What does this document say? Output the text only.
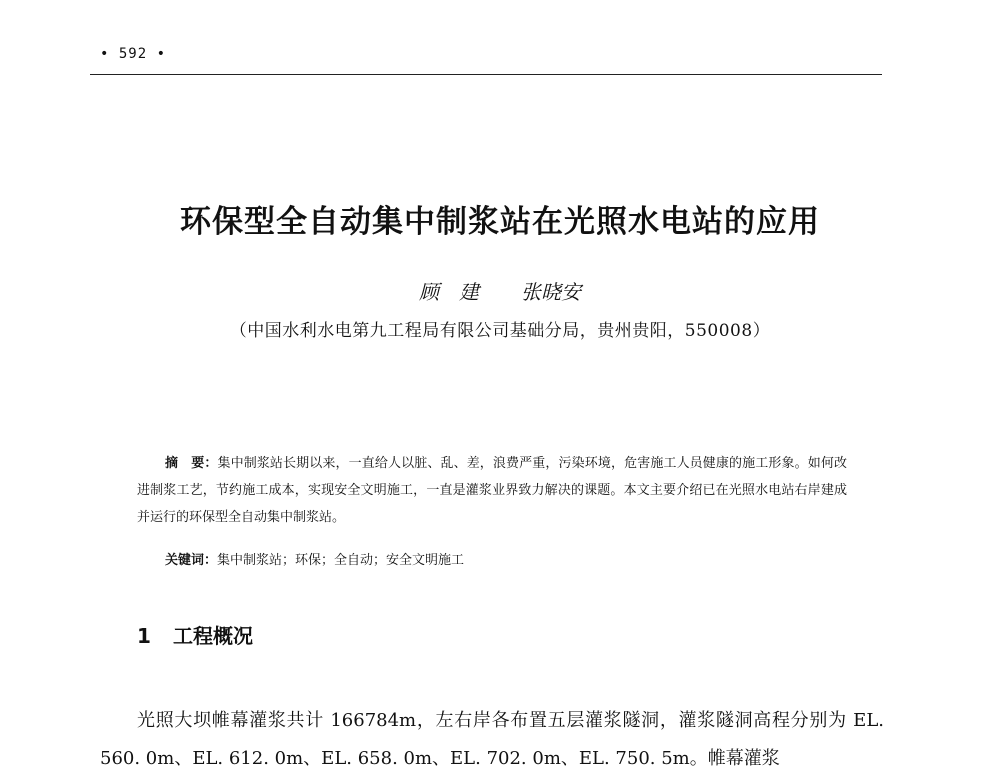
• 592 •
环保型全自动集中制浆站在光照水电站的应用
顾　建 张晓安
（中国水利水电第九工程局有限公司基础分局，贵州贵阳，550008）

摘　要：集中制浆站长期以来，一直给人以脏、乱、差，浪费严重，污染环境，危害施工人员健康的施工形象。如何改进制浆工艺，节约施工成本，实现安全文明施工，一直是灌浆业界致力解决的课题。本文主要介绍已在光照水电站右岸建成并运行的环保型全自动集中制浆站。

关键词：集中制浆站；环保；全自动；安全文明施工
1 工程概况

光照大坝帷幕灌浆共计 166784m，左右岸各布置五层灌浆隧洞，灌浆隧洞高程分别为 EL. 560. 0m、EL. 612. 0m、EL. 658. 0m、EL. 702. 0m、EL. 750. 5m。帷幕灌浆
